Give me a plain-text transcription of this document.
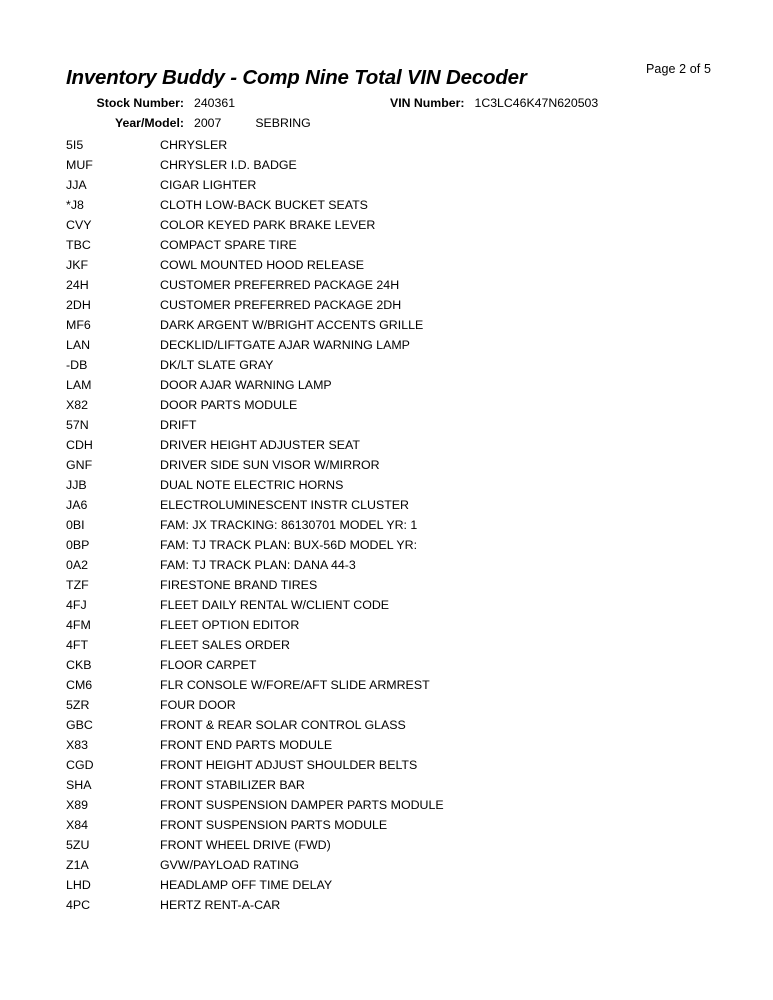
Page 2 of 5
Inventory Buddy - Comp Nine Total VIN Decoder
Stock Number: 240361	VIN Number: 1C3LC46K47N620503
Year/Model: 2007	SEBRING
5I5	CHRYSLER
MUF	CHRYSLER I.D. BADGE
JJA	CIGAR LIGHTER
*J8	CLOTH LOW-BACK BUCKET SEATS
CVY	COLOR KEYED PARK BRAKE LEVER
TBC	COMPACT SPARE TIRE
JKF	COWL MOUNTED HOOD RELEASE
24H	CUSTOMER PREFERRED PACKAGE 24H
2DH	CUSTOMER PREFERRED PACKAGE 2DH
MF6	DARK ARGENT W/BRIGHT ACCENTS GRILLE
LAN	DECKLID/LIFTGATE AJAR WARNING LAMP
-DB	DK/LT SLATE GRAY
LAM	DOOR AJAR WARNING LAMP
X82	DOOR PARTS MODULE
57N	DRIFT
CDH	DRIVER HEIGHT ADJUSTER SEAT
GNF	DRIVER SIDE SUN VISOR W/MIRROR
JJB	DUAL NOTE ELECTRIC HORNS
JA6	ELECTROLUMINESCENT INSTR CLUSTER
0BI	FAM: JX TRACKING: 86130701 MODEL YR: 1
0BP	FAM: TJ TRACK PLAN: BUX-56D MODEL YR:
0A2	FAM: TJ TRACK PLAN: DANA 44-3
TZF	FIRESTONE BRAND TIRES
4FJ	FLEET DAILY RENTAL W/CLIENT CODE
4FM	FLEET OPTION EDITOR
4FT	FLEET SALES ORDER
CKB	FLOOR CARPET
CM6	FLR CONSOLE W/FORE/AFT SLIDE ARMREST
5ZR	FOUR DOOR
GBC	FRONT & REAR SOLAR CONTROL GLASS
X83	FRONT END PARTS MODULE
CGD	FRONT HEIGHT ADJUST SHOULDER BELTS
SHA	FRONT STABILIZER BAR
X89	FRONT SUSPENSION DAMPER PARTS MODULE
X84	FRONT SUSPENSION PARTS MODULE
5ZU	FRONT WHEEL DRIVE (FWD)
Z1A	GVW/PAYLOAD RATING
LHD	HEADLAMP OFF TIME DELAY
4PC	HERTZ RENT-A-CAR
